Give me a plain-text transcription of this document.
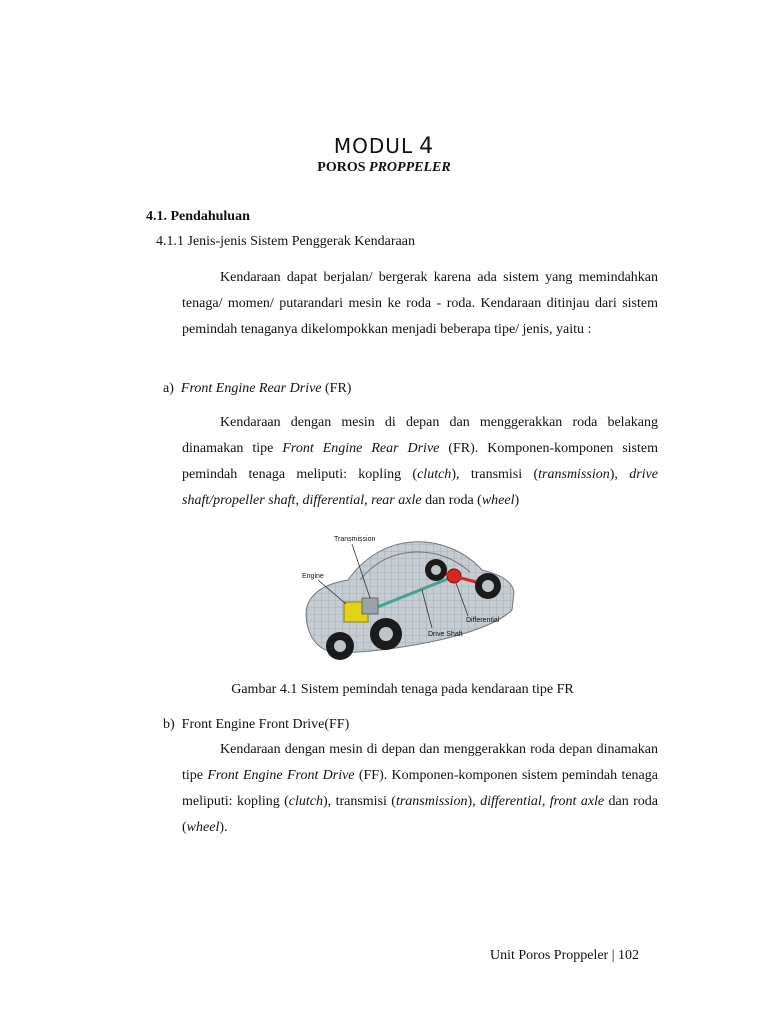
MODUL 4
POROS PROPPELER
4.1. Pendahuluan
4.1.1 Jenis-jenis Sistem Penggerak Kendaraan

Kendaraan dapat berjalan/ bergerak karena ada sistem yang memindahkan tenaga/ momen/ putarandari mesin ke roda - roda. Kendaraan ditinjau dari sistem pemindah tenaganya dikelompokkan menjadi beberapa tipe/ jenis, yaitu :

a) Front Engine Rear Drive (FR)

Kendaraan dengan mesin di depan dan menggerakkan roda belakang dinamakan tipe Front Engine Rear Drive (FR). Komponen-komponen sistem pemindah tenaga meliputi: kopling (clutch), transmisi (transmission), drive shaft/propeller shaft, differential, rear axle dan roda (wheel)

Transmission
Engine
Differential
Drive Shaft
Gambar 4.1 Sistem pemindah tenaga pada kendaraan tipe FR
b) Front Engine Front Drive(FF)

Kendaraan dengan mesin di depan dan menggerakkan roda depan dinamakan tipe Front Engine Front Drive (FF). Komponen-komponen sistem pemindah tenaga meliputi: kopling (clutch), transmisi (transmission), differential, front axle dan roda (wheel).

Unit Poros Proppeler | 102
